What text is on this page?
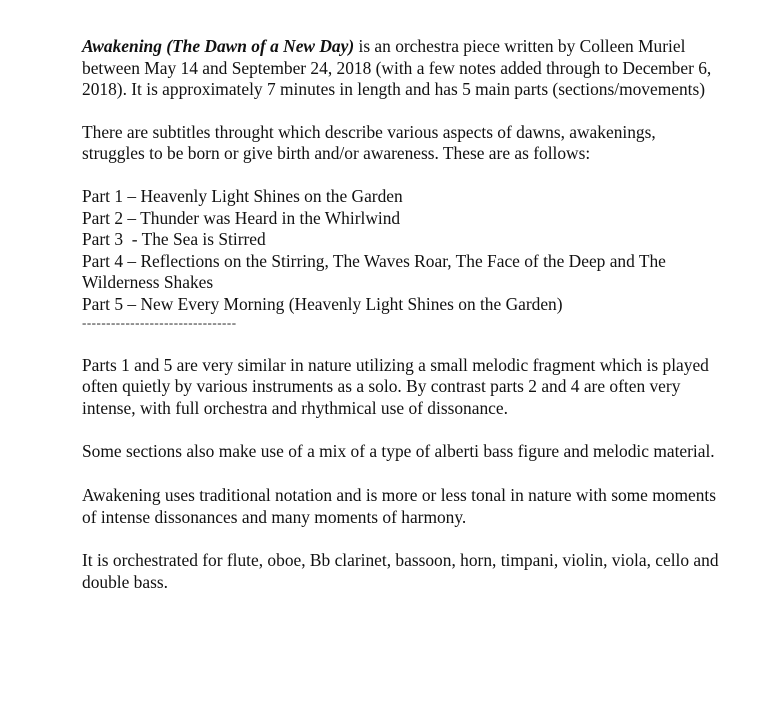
Awakening (The Dawn of a New Day) is an orchestra piece written by Colleen Muriel between May 14 and September 24, 2018 (with a few notes added through to December 6, 2018). It is approximately 7 minutes in length and has 5 main parts (sections/movements)

There are subtitles throught which describe various aspects of dawns, awakenings, struggles to be born or give birth and/or awareness. These are as follows:

Part 1 – Heavenly Light Shines on the Garden
Part 2 – Thunder was Heard in the Whirlwind
Part 3  - The Sea is Stirred
Part 4 – Reflections on the Stirring, The Waves Roar, The Face of the Deep and The Wilderness Shakes
Part 5 – New Every Morning (Heavenly Light Shines on the Garden)
--------------------------------

Parts 1 and 5 are very similar in nature utilizing a small melodic fragment which is played often quietly by various instruments as a solo. By contrast parts 2 and 4 are often very intense, with full orchestra and rhythmical use of dissonance.

Some sections also make use of a mix of a type of alberti bass figure and melodic material.

Awakening uses traditional notation and is more or less tonal in nature with some moments of intense dissonances and many moments of harmony.

It is orchestrated for flute, oboe, Bb clarinet, bassoon, horn, timpani, violin, viola, cello and double bass.
